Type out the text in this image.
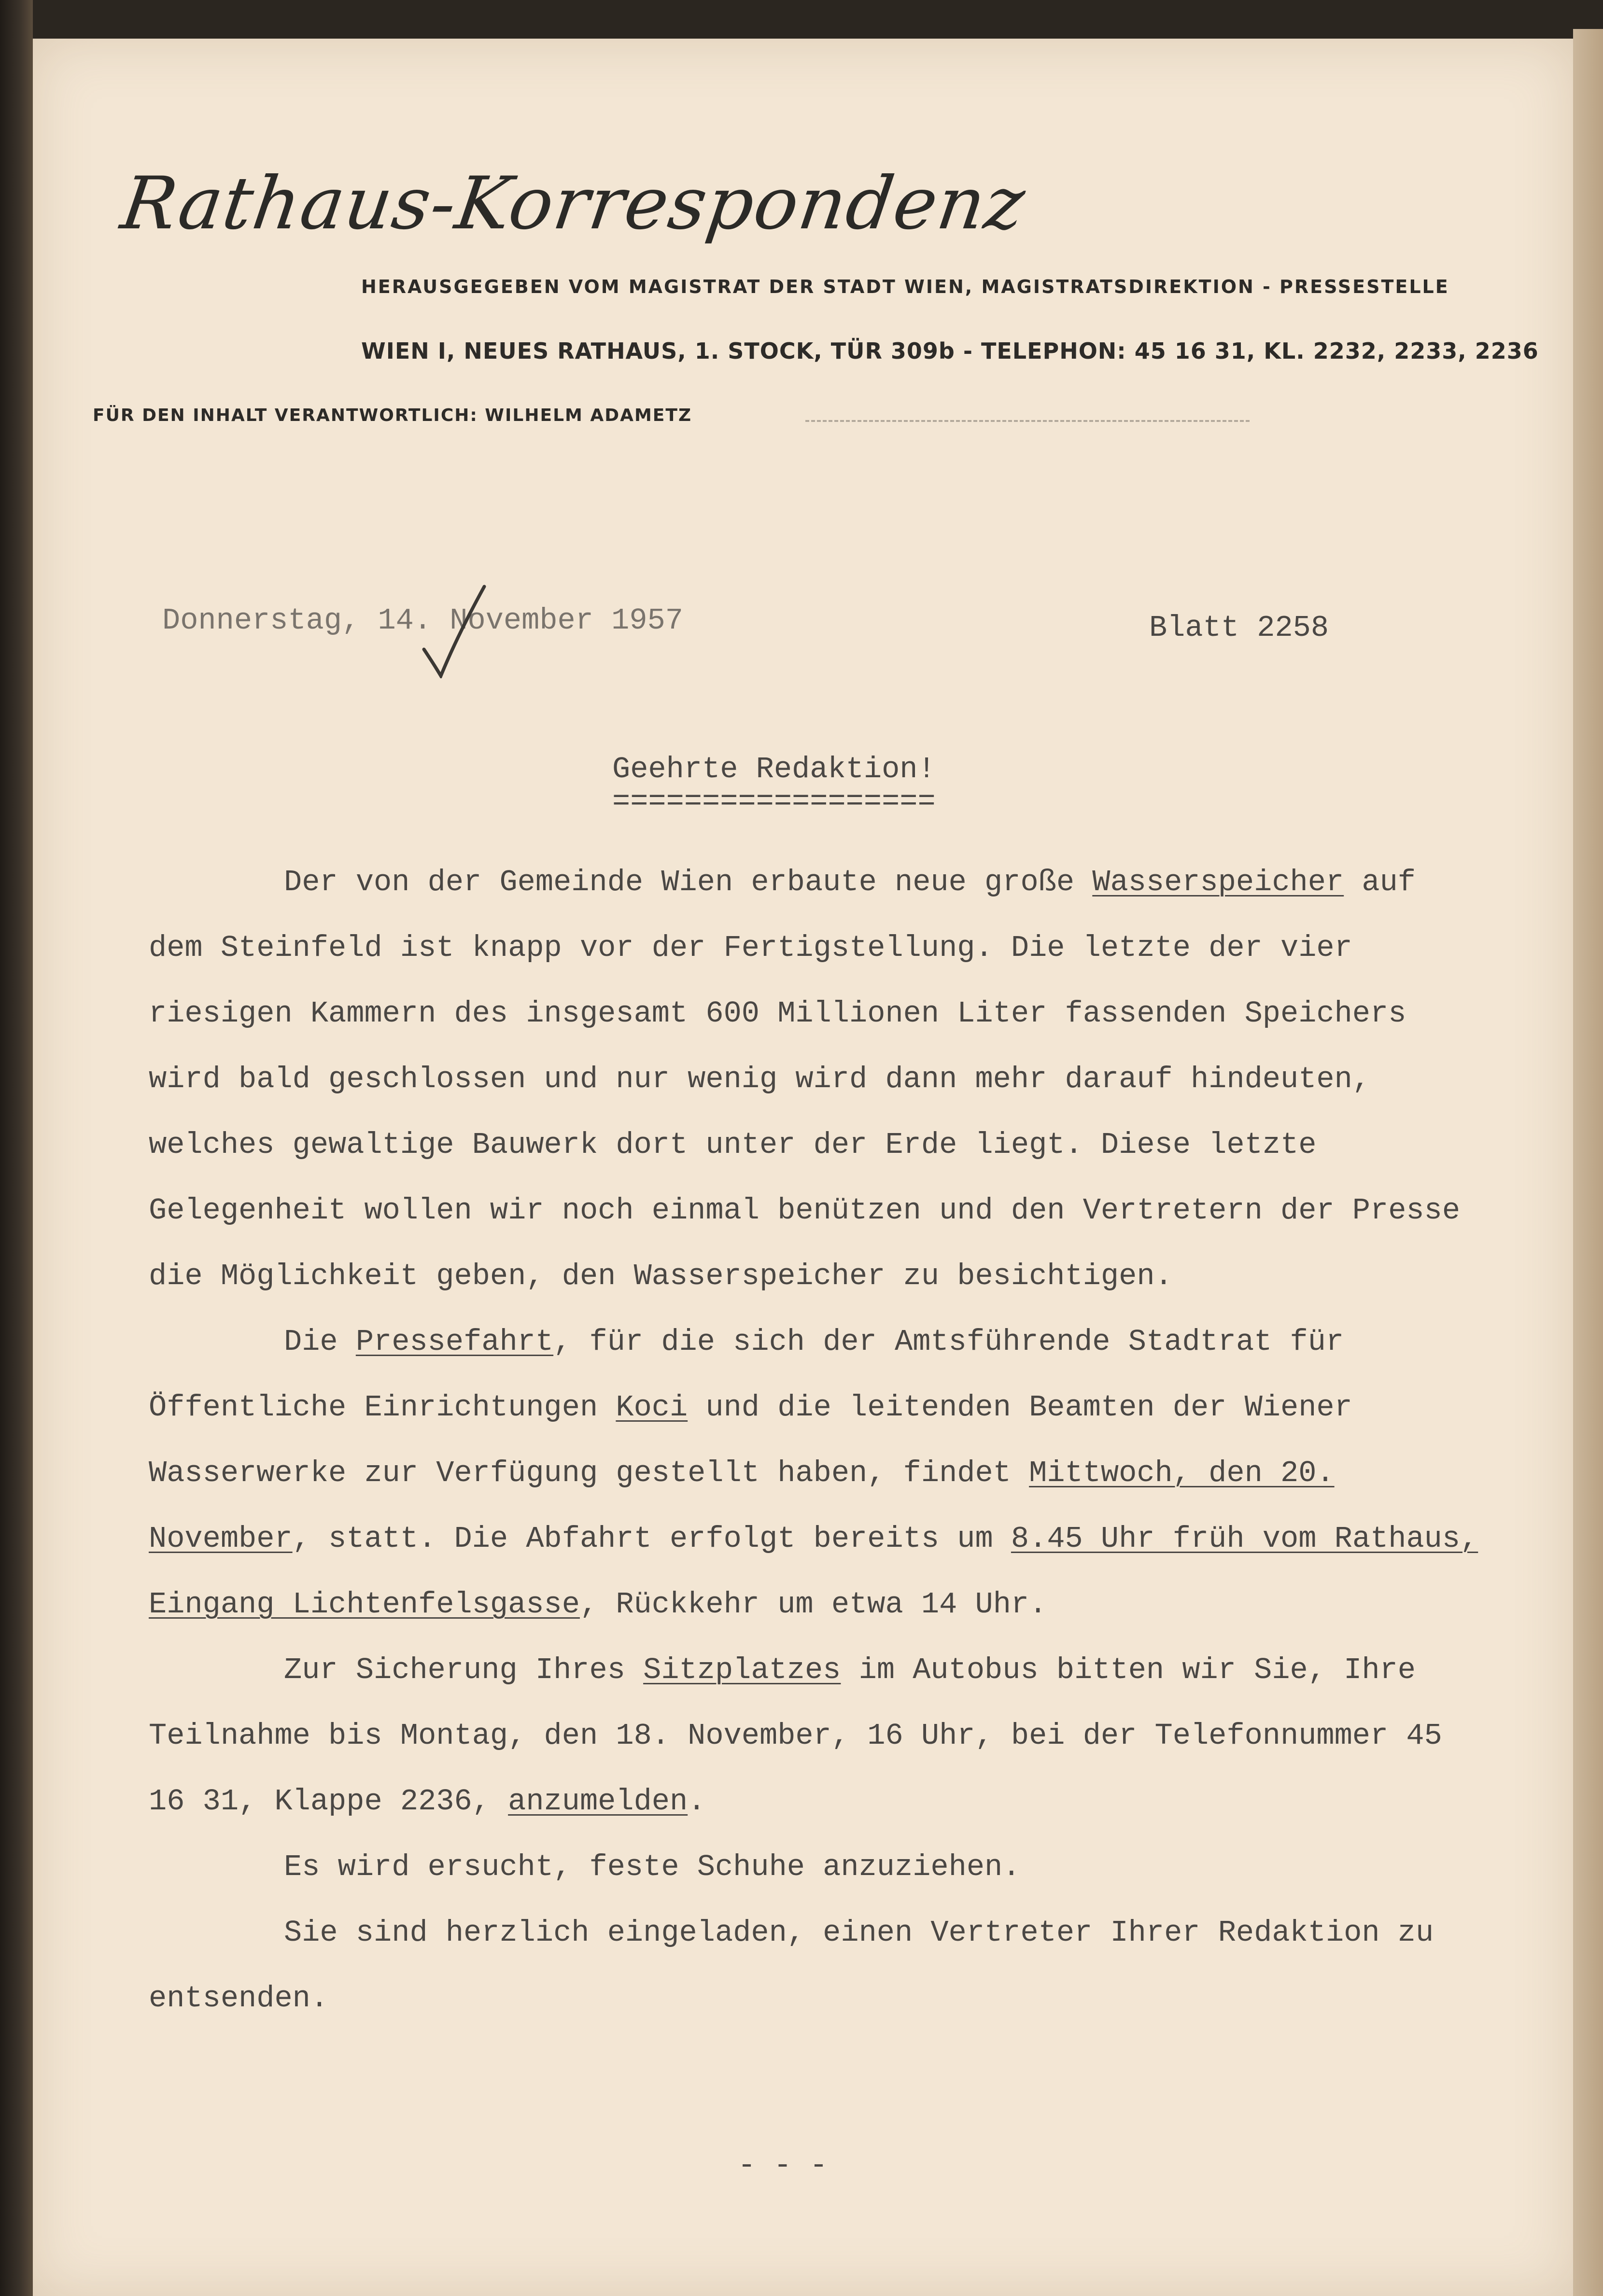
Rathaus-Korrespondenz
HERAUSGEGEBEN VOM MAGISTRAT DER STADT WIEN, MAGISTRATSDIREKTION - PRESSESTELLE
WIEN I, NEUES RATHAUS, 1. STOCK, TÜR 309b - TELEPHON: 45 16 31, KL. 2232, 2233, 2236
FÜR DEN INHALT VERANTWORTLICH: WILHELM ADAMETZ
Donnerstag, 14. November 1957	Blatt 2258
Geehrte Redaktion!
==================

Der von der Gemeinde Wien erbaute neue große Wasserspeicher auf dem Steinfeld ist knapp vor der Fertigstellung. Die letzte der vier riesigen Kammern des insgesamt 600 Millionen Liter fassenden Speichers wird bald geschlossen und nur wenig wird dann mehr darauf hindeuten, welches gewaltige Bauwerk dort unter der Erde liegt. Diese letzte Gelegenheit wollen wir noch einmal benützen und den Vertretern der Presse die Möglichkeit geben, den Wasserspeicher zu besichtigen.

Die Pressefahrt, für die sich der Amtsführende Stadtrat für Öffentliche Einrichtungen Koci und die leitenden Beamten der Wiener Wasserwerke zur Verfügung gestellt haben, findet Mittwoch, den 20. November, statt. Die Abfahrt erfolgt bereits um 8.45 Uhr früh vom Rathaus, Eingang Lichtenfelsgasse, Rückkehr um etwa 14 Uhr.

Zur Sicherung Ihres Sitzplatzes im Autobus bitten wir Sie, Ihre Teilnahme bis Montag, den 18. November, 16 Uhr, bei der Telefonnummer 45 16 31, Klappe 2236, anzumelden.

Es wird ersucht, feste Schuhe anzuziehen.

Sie sind herzlich eingeladen, einen Vertreter Ihrer Redaktion zu entsenden.

- - -
